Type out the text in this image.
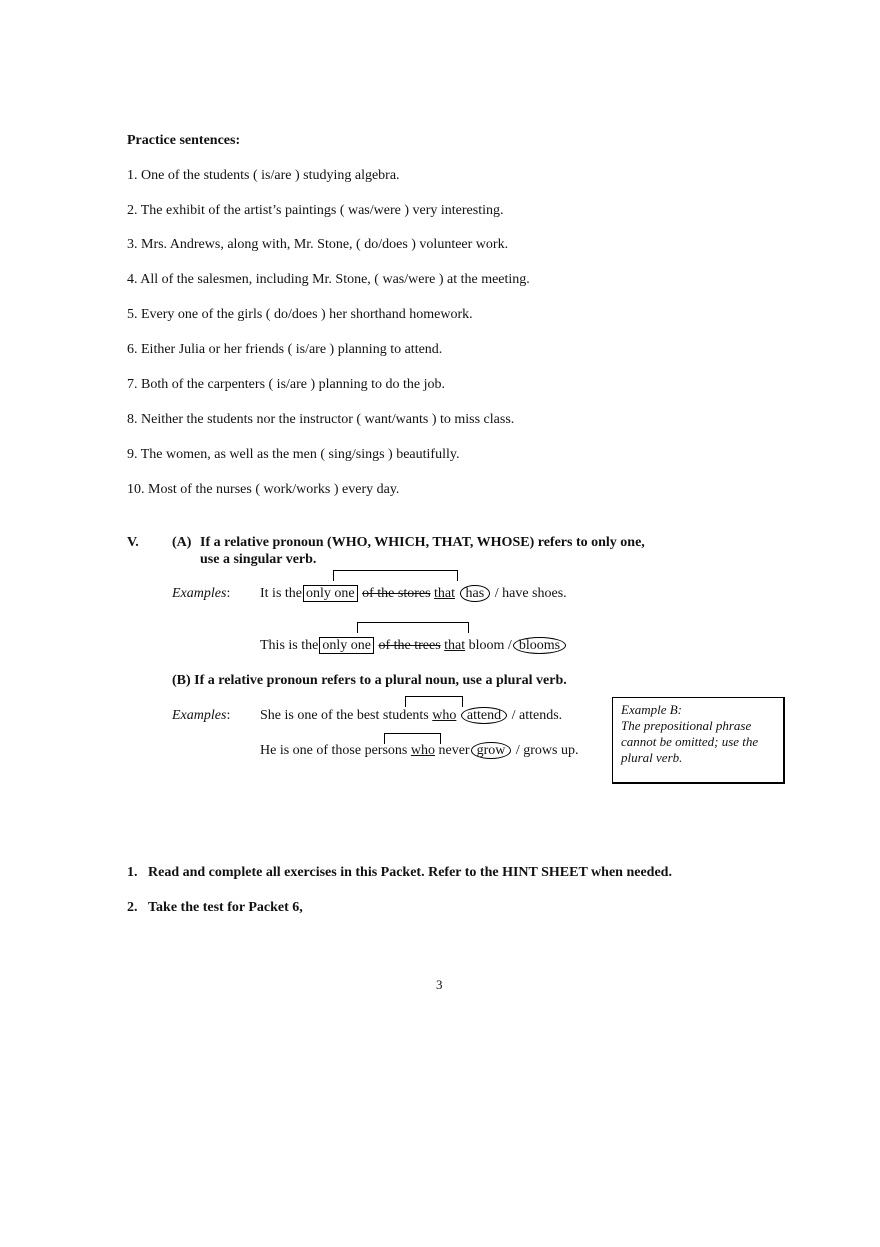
Practice sentences:
1. One of the students ( is/are ) studying algebra.
2. The exhibit of the artist’s paintings ( was/were ) very interesting.
3. Mrs. Andrews, along with, Mr. Stone, ( do/does ) volunteer work.
4. All of the salesmen, including Mr. Stone, ( was/were ) at the meeting.
5. Every one of the girls ( do/does ) her shorthand homework.
6. Either Julia or her friends ( is/are ) planning to attend.
7. Both of the carpenters ( is/are ) planning to do the job.
8. Neither the students nor the instructor ( want/wants ) to miss class.
9. The women, as well as the men ( sing/sings ) beautifully.
10. Most of the nurses ( work/works ) every day.
V. (A) If a relative pronoun (WHO, WHICH, THAT, WHOSE) refers to only one,
use a singular verb.
Examples: It is the only one of the stores that has / have shoes.
This is the only one of the trees that bloom / blooms
(B) If a relative pronoun refers to a plural noun, use a plural verb.
Examples: She is one of the best students who attend / attends.
He is one of those persons who never grow / grows up.
Example B:
The prepositional phrase cannot be omitted; use the plural verb.
1. Read and complete all exercises in this Packet. Refer to the HINT SHEET when needed.
2. Take the test for Packet 6,
3
